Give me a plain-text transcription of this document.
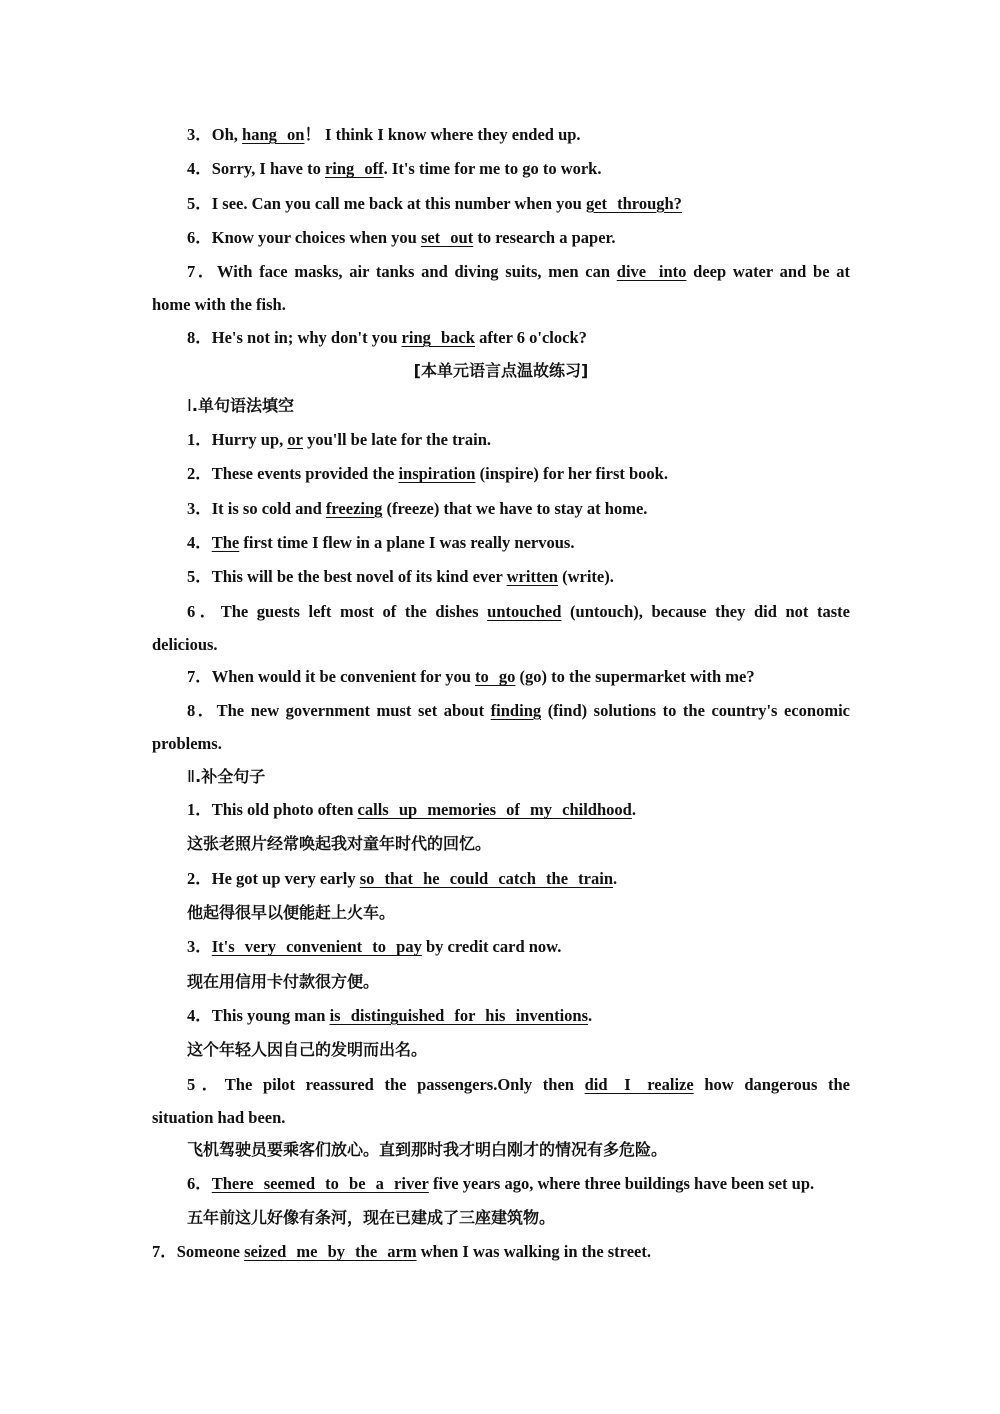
3．Oh, hang on！ I think I know where they ended up.
4．Sorry, I have to ring off. It's time for me to go to work.
5．I see. Can you call me back at this number when you get through?
6．Know your choices when you set out to research a paper.
7．With face masks, air tanks and diving suits, men can dive into deep water and be at
home with the fish.
8．He's not in; why don't you ring back after 6 o'clock?
[本单元语言点温故练习]
Ⅰ.单句语法填空
1．Hurry up, or you'll be late for the train.
2．These events provided the inspiration (inspire) for her first book.
3．It is so cold and freezing (freeze) that we have to stay at home.
4．The first time I flew in a plane I was really nervous.
5．This will be the best novel of its kind ever written (write).
6．The guests left most of the dishes untouched (untouch), because they did not taste
delicious.
7．When would it be convenient for you to go (go) to the supermarket with me?
8．The new government must set about finding (find) solutions to the country's economic
problems.
Ⅱ.补全句子
1．This old photo often calls up memories of my childhood.
这张老照片经常唤起我对童年时代的回忆。
2．He got up very early so that he could catch the train.
他起得很早以便能赶上火车。
3．It's very convenient to pay by credit card now.
现在用信用卡付款很方便。
4．This young man is distinguished for his inventions.
这个年轻人因自己的发明而出名。
5．The pilot reassured the passengers.Only then did I realize how dangerous the
situation had been.
飞机驾驶员要乘客们放心。直到那时我才明白刚才的情况有多危险。
6．There seemed to be a river five years ago, where three buildings have been set up.
五年前这儿好像有条河，现在已建成了三座建筑物。
7．Someone seized me by the arm when I was walking in the street.
